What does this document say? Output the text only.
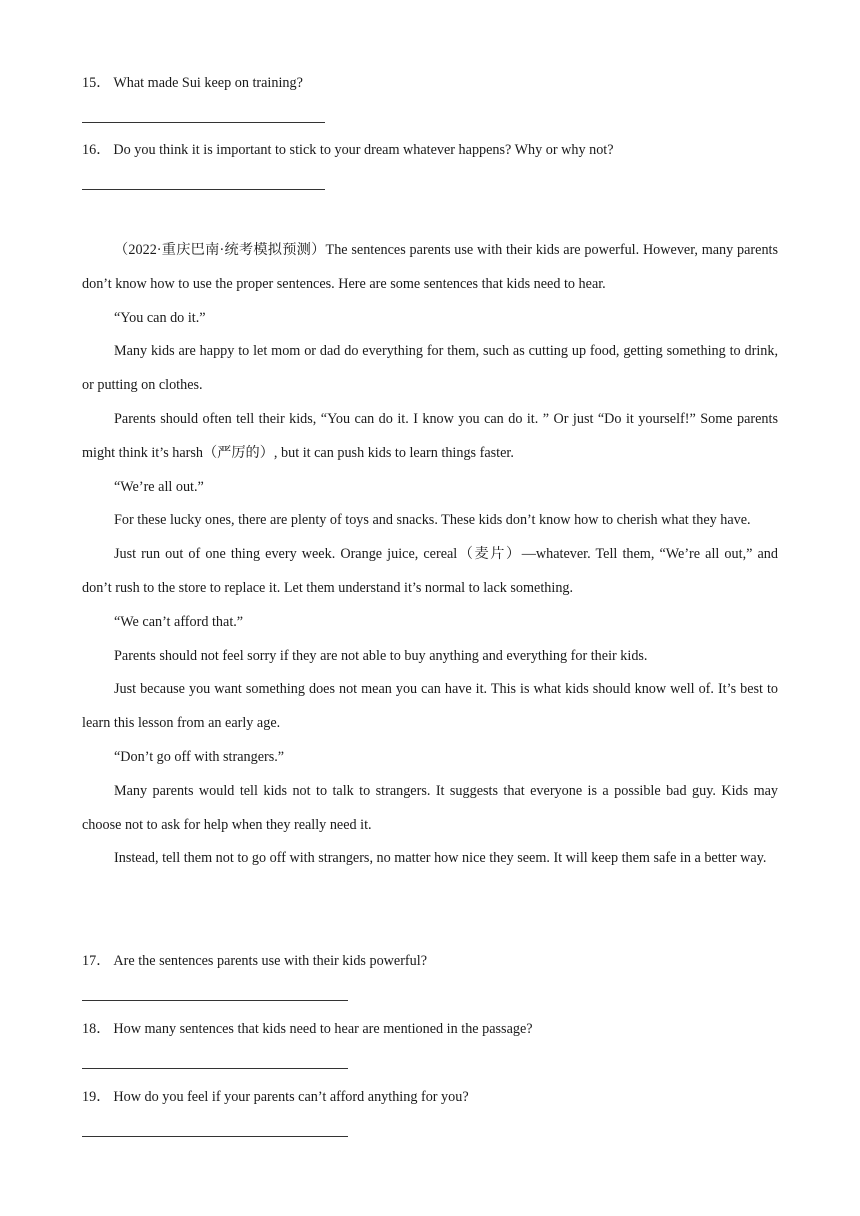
15． What made Sui keep on training?
16． Do you think it is important to stick to your dream whatever happens? Why or why not?

（2022·重庆巴南·统考模拟预测）The sentences parents use with their kids are powerful. However, many parents don’t know how to use the proper sentences. Here are some sentences that kids need to hear.

“You can do it.”

Many kids are happy to let mom or dad do everything for them, such as cutting up food, getting something to drink, or putting on clothes.

Parents should often tell their kids, “You can do it. I know you can do it. ” Or just “Do it yourself!” Some parents might think it’s harsh（严厉的）, but it can push kids to learn things faster.

“We’re all out.”

For these lucky ones, there are plenty of toys and snacks. These kids don’t know how to cherish what they have.

Just run out of one thing every week. Orange juice, cereal（麦片）—whatever. Tell them, “We’re all out,” and don’t rush to the store to replace it. Let them understand it’s normal to lack something.

“We can’t afford that.”

Parents should not feel sorry if they are not able to buy anything and everything for their kids.

Just because you want something does not mean you can have it. This is what kids should know well of. It’s best to learn this lesson from an early age.

“Don’t go off with strangers.”

Many parents would tell kids not to talk to strangers. It suggests that everyone is a possible bad guy. Kids may choose not to ask for help when they really need it.

Instead, tell them not to go off with strangers, no matter how nice they seem. It will keep them safe in a better way.

17． Are the sentences parents use with their kids powerful?
18． How many sentences that kids need to hear are mentioned in the passage?
19． How do you feel if your parents can’t afford anything for you?
